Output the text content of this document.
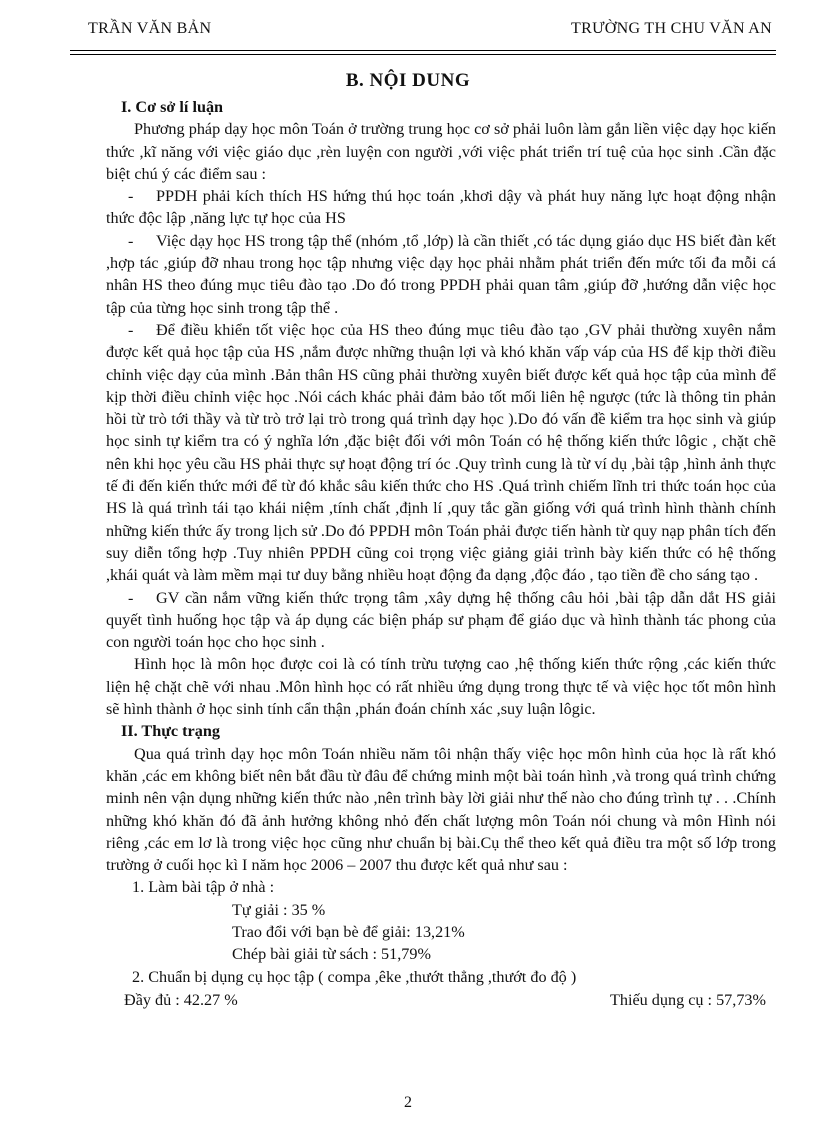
TRẦN VĂN BẢN	TRƯỜNG TH CHU VĂN AN
B. NỘI DUNG

I. Cơ sở lí luận

Phương pháp dạy học môn Toán ở trường trung học cơ sở phải luôn làm gắn liền việc dạy học kiến thức ,kĩ năng với việc giáo dục ,rèn luyện con người ,với việc phát triển trí tuệ của học sinh .Cần đặc biệt chú ý các điểm sau :

- PPDH phải kích thích HS hứng thú học toán ,khơi dậy và phát huy năng lực hoạt động nhận thức độc lập ,năng lực tự học của HS

- Việc dạy học HS trong tập thể (nhóm ,tổ ,lớp) là cần thiết ,có tác dụng giáo dục HS biết đàn kết ,hợp tác ,giúp đỡ nhau trong học tập nhưng việc dạy học phải nhằm phát triển đến mức tối đa mỗi cá nhân HS theo đúng mục tiêu đào tạo .Do đó trong PPDH phải quan tâm ,giúp đỡ ,hướng dẫn việc học tập của từng học sinh trong tập thể .

- Để điều khiển tốt việc học của HS theo đúng mục tiêu đào tạo ,GV phải thường xuyên nắm được kết quả học tập của HS ,nắm được những thuận lợi và khó khăn vấp váp của HS để kịp thời điều chỉnh việc dạy của mình .Bản thân HS cũng phải thường xuyên biết được kết quả học tập của mình để kịp thời điều chỉnh việc học .Nói cách khác phải đảm bảo tốt mối liên hệ ngược (tức là thông tin phản hồi từ trò tới thầy và từ trò trở lại trò trong quá trình dạy học ).Do đó vấn đề kiểm tra học sinh và giúp học sinh tự kiểm tra có ý nghĩa lớn ,đặc biệt đối với môn Toán có hệ thống kiến thức lôgic , chặt chẽ nên khi học yêu cầu HS phải thực sự hoạt động trí óc .Quy trình cung là từ ví dụ ,bài tập ,hình ảnh thực tế đi đến kiến thức mới để từ đó khắc sâu kiến thức cho HS .Quá trình chiếm lĩnh tri thức toán học của HS là quá trình tái tạo khái niệm ,tính chất ,định lí ,quy tắc gần giống với quá trình hình thành chính những kiến thức ấy trong lịch sử .Do đó PPDH môn Toán phải được tiến hành từ quy nạp phân tích đến suy diễn tổng hợp .Tuy nhiên PPDH cũng coi trọng việc giảng giải trình bày kiến thức có hệ thống ,khái quát và làm mềm mại tư duy bằng nhiều hoạt động đa dạng ,độc đáo , tạo tiền đề cho sáng tạo .

- GV cần nắm vững kiến thức trọng tâm ,xây dựng hệ thống câu hỏi ,bài tập dẫn dắt HS giải quyết tình huống học tập và áp dụng các biện pháp sư phạm để giáo dục và hình thành tác phong của con người toán học cho học sinh .

Hình học là môn học được coi là có tính trừu tượng cao ,hệ thống kiến thức rộng ,các kiến thức liện hệ chặt chẽ với nhau .Môn hình học có rất nhiều ứng dụng trong thực tế và việc học tốt môn hình sẽ hình thành ở học sinh tính cẩn thận ,phán đoán chính xác ,suy luận lôgic.

II. Thực trạng

Qua quá trình dạy học môn Toán nhiều năm tôi nhận thấy việc học môn hình của học là rất khó khăn ,các em không biết nên bắt đầu từ đâu để chứng minh một bài toán hình ,và trong quá trình chứng minh nên vận dụng những kiến thức nào ,nên trình bày lời giải như thế nào cho đúng trình tự . . .Chính những khó khăn đó đã ảnh hưởng không nhỏ đến chất lượng môn Toán nói chung và môn Hình nói riêng ,các em lơ là trong việc học cũng như chuẩn bị bài.Cụ thể theo kết quả điều tra một số lớp trong trường ở cuối học kì I năm học 2006 – 2007 thu được kết quả như sau :

1. Làm bài tập ở nhà :

Tự giải : 35 %

Trao đổi với bạn bè để giải: 13,21%

Chép bài giải từ sách : 51,79%

2. Chuẩn bị dụng cụ học tập ( compa ,êke ,thướt thẳng ,thướt đo độ )

Đầy đủ : 42.27 %	Thiếu dụng cụ : 57,73%
2
